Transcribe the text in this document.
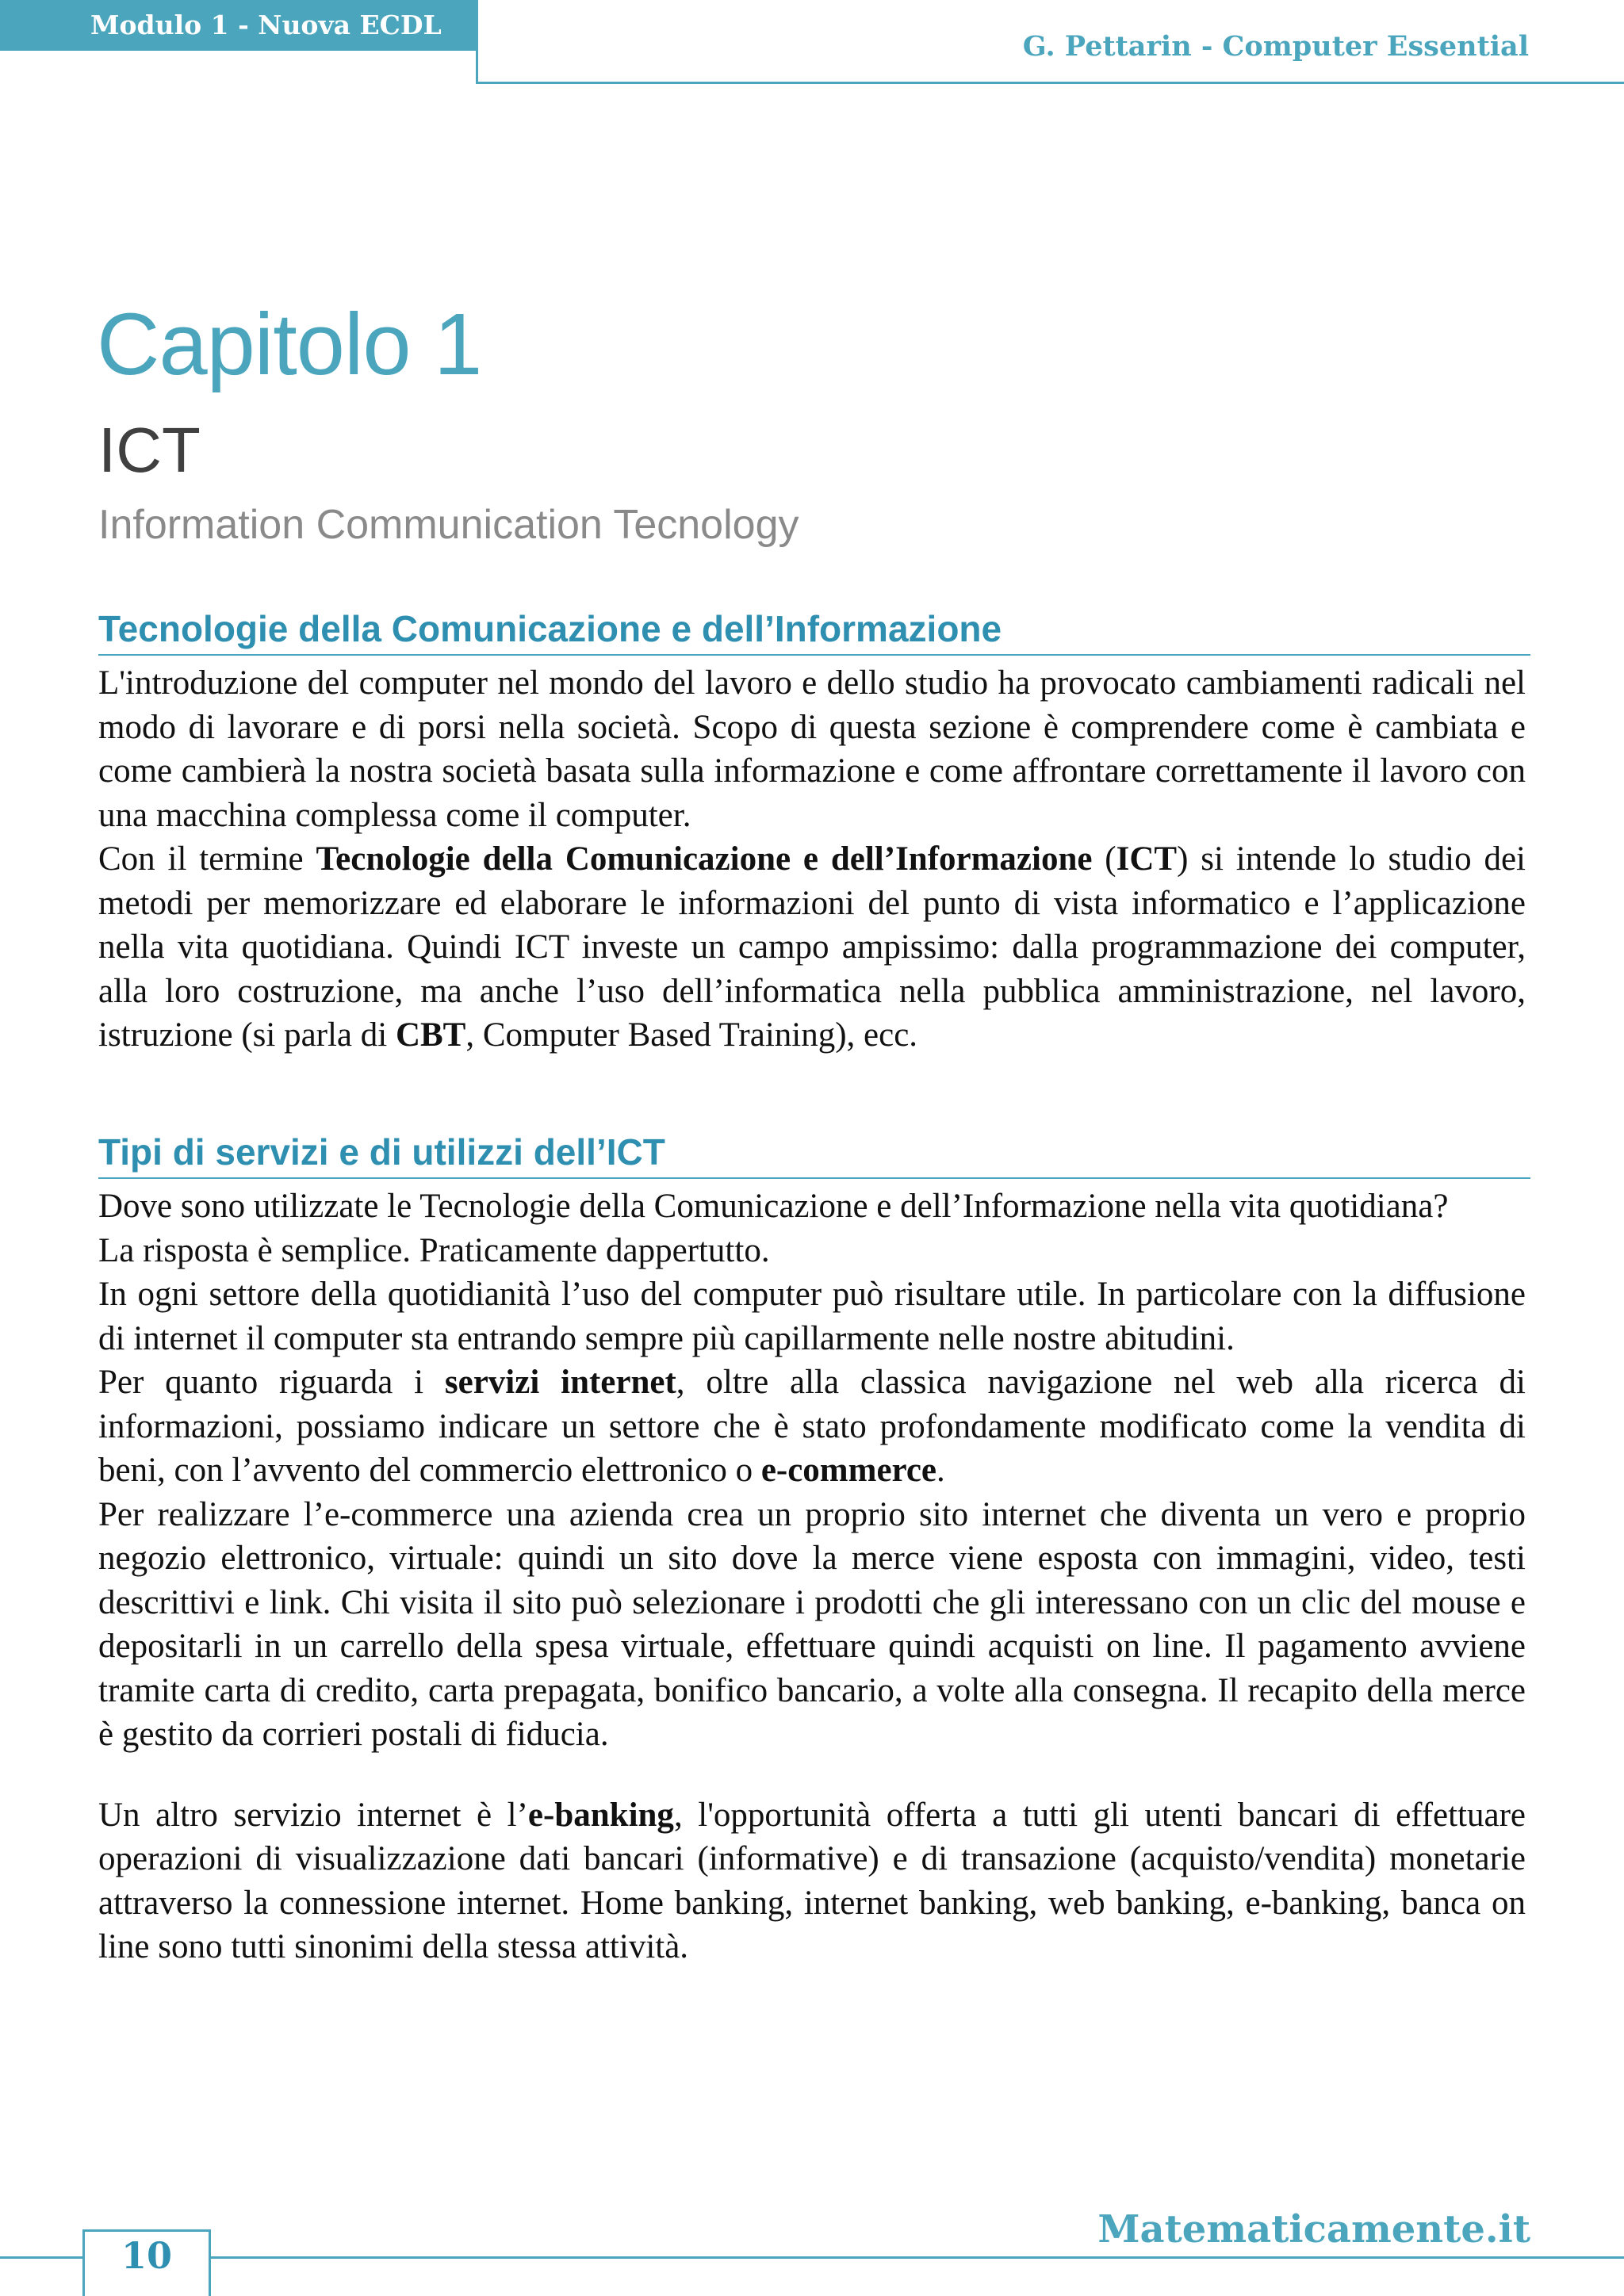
Modulo 1 - Nuova ECDL
G. Pettarin - Computer Essential
Capitolo 1
ICT
Information Communication Tecnology
Tecnologie della Comunicazione e dell’Informazione

L'introduzione del computer nel mondo del lavoro e dello studio ha provocato cambiamenti radicali nel modo di lavorare e di porsi nella società. Scopo di questa sezione è comprendere come è cambiata e come cambierà la nostra società basata sulla informazione e come affrontare correttamente il lavoro con una macchina complessa come il computer.

Con il termine Tecnologie della Comunicazione e dell’Informazione (ICT) si intende lo studio dei metodi per memorizzare ed elaborare le informazioni del punto di vista informatico e l’applicazione nella vita quotidiana. Quindi ICT investe un campo ampissimo: dalla programmazione dei computer, alla loro costruzione, ma anche l’uso dell’informatica nella pubblica amministrazione, nel lavoro, istruzione (si parla di CBT, Computer Based Training), ecc.

Tipi di servizi e di utilizzi dell’ICT

Dove sono utilizzate le Tecnologie della Comunicazione e dell’Informazione nella vita quotidiana?

La risposta è semplice. Praticamente dappertutto.

In ogni settore della quotidianità l’uso del computer può risultare utile. In particolare con la diffusione di internet il computer sta entrando sempre più capillarmente nelle nostre abitudini.

Per quanto riguarda i servizi internet, oltre alla classica navigazione nel web alla ricerca di informazioni, possiamo indicare un settore che è stato profondamente modificato come la vendita di beni, con l’avvento del commercio elettronico o e-commerce.

Per realizzare l’e-commerce una azienda crea un proprio sito internet che diventa un vero e proprio negozio elettronico, virtuale: quindi un sito dove la merce viene esposta con immagini, video, testi descrittivi e link. Chi visita il sito può selezionare i prodotti che gli interessano con un clic del mouse e depositarli in un carrello della spesa virtuale, effettuare quindi acquisti on line. Il pagamento avviene tramite carta di credito, carta prepagata, bonifico bancario, a volte alla consegna. Il recapito della merce è gestito da corrieri postali di fiducia.

Un altro servizio internet è l’e-banking, l'opportunità offerta a tutti gli utenti bancari di effettuare operazioni di visualizzazione dati bancari (informative) e di transazione (acquisto/vendita) monetarie attraverso la connessione internet. Home banking, internet banking, web banking, e-banking, banca on line sono tutti sinonimi della stessa attività.

10
Matematicamente.it
